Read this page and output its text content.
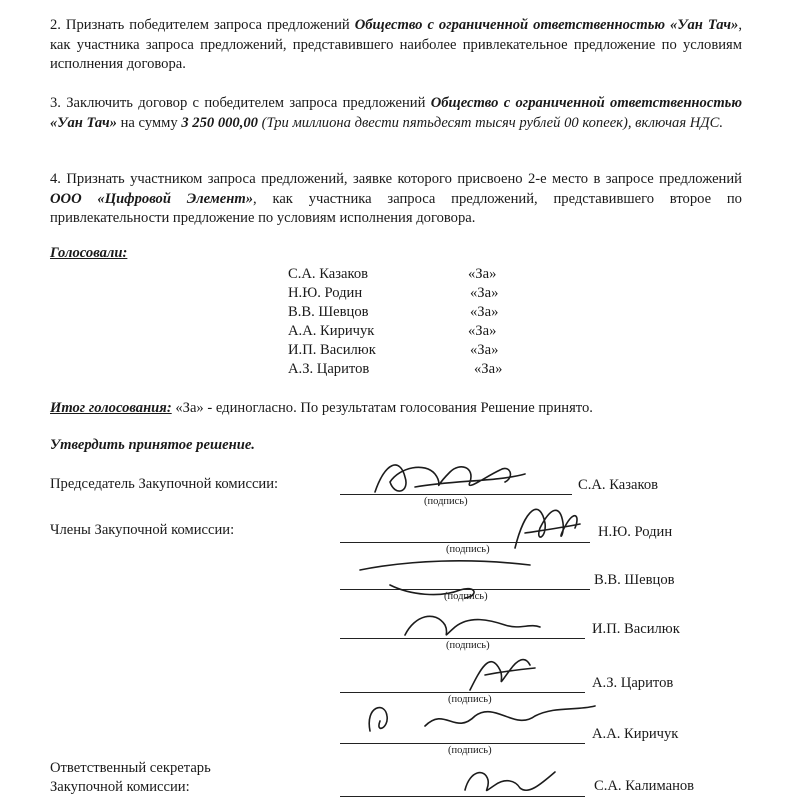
2. Признать победителем запроса предложений Общество с ограниченной ответственностью «Уан Тач», как участника запроса предложений, представившего наиболее привлекательное предложение по условиям исполнения договора.
3. Заключить договор с победителем запроса предложений Общество с ограниченной ответственностью «Уан Тач» на сумму 3 250 000,00 (Три миллиона двести пятьдесят тысяч рублей 00 копеек), включая НДС.
4. Признать участником запроса предложений, заявке которого присвоено 2-е место в запросе предложений ООО «Цифровой Элемент», как участника запроса предложений, представившего второе по привлекательности предложение по условиям исполнения договора.
Голосовали:
С.А. Казаков	«За»
Н.Ю. Родин	«За»
В.В. Шевцов	«За»
А.А. Киричук	«За»
И.П. Василюк	«За»
А.З. Царитов	«За»
Итог голосования: «За» - единогласно. По результатам голосования Решение принято.
Утвердить принятое решение.
Председатель Закупочной комиссии:
(подпись)
С.А. Казаков
Члены Закупочной комиссии:
(подпись)
Н.Ю. Родин
(подпись)
В.В. Шевцов
(подпись)
И.П. Василюк
(подпись)
А.З. Царитов
(подпись)
А.А. Киричук
Ответственный секретарь
Закупочной комиссии:	С.А. Калиманов
